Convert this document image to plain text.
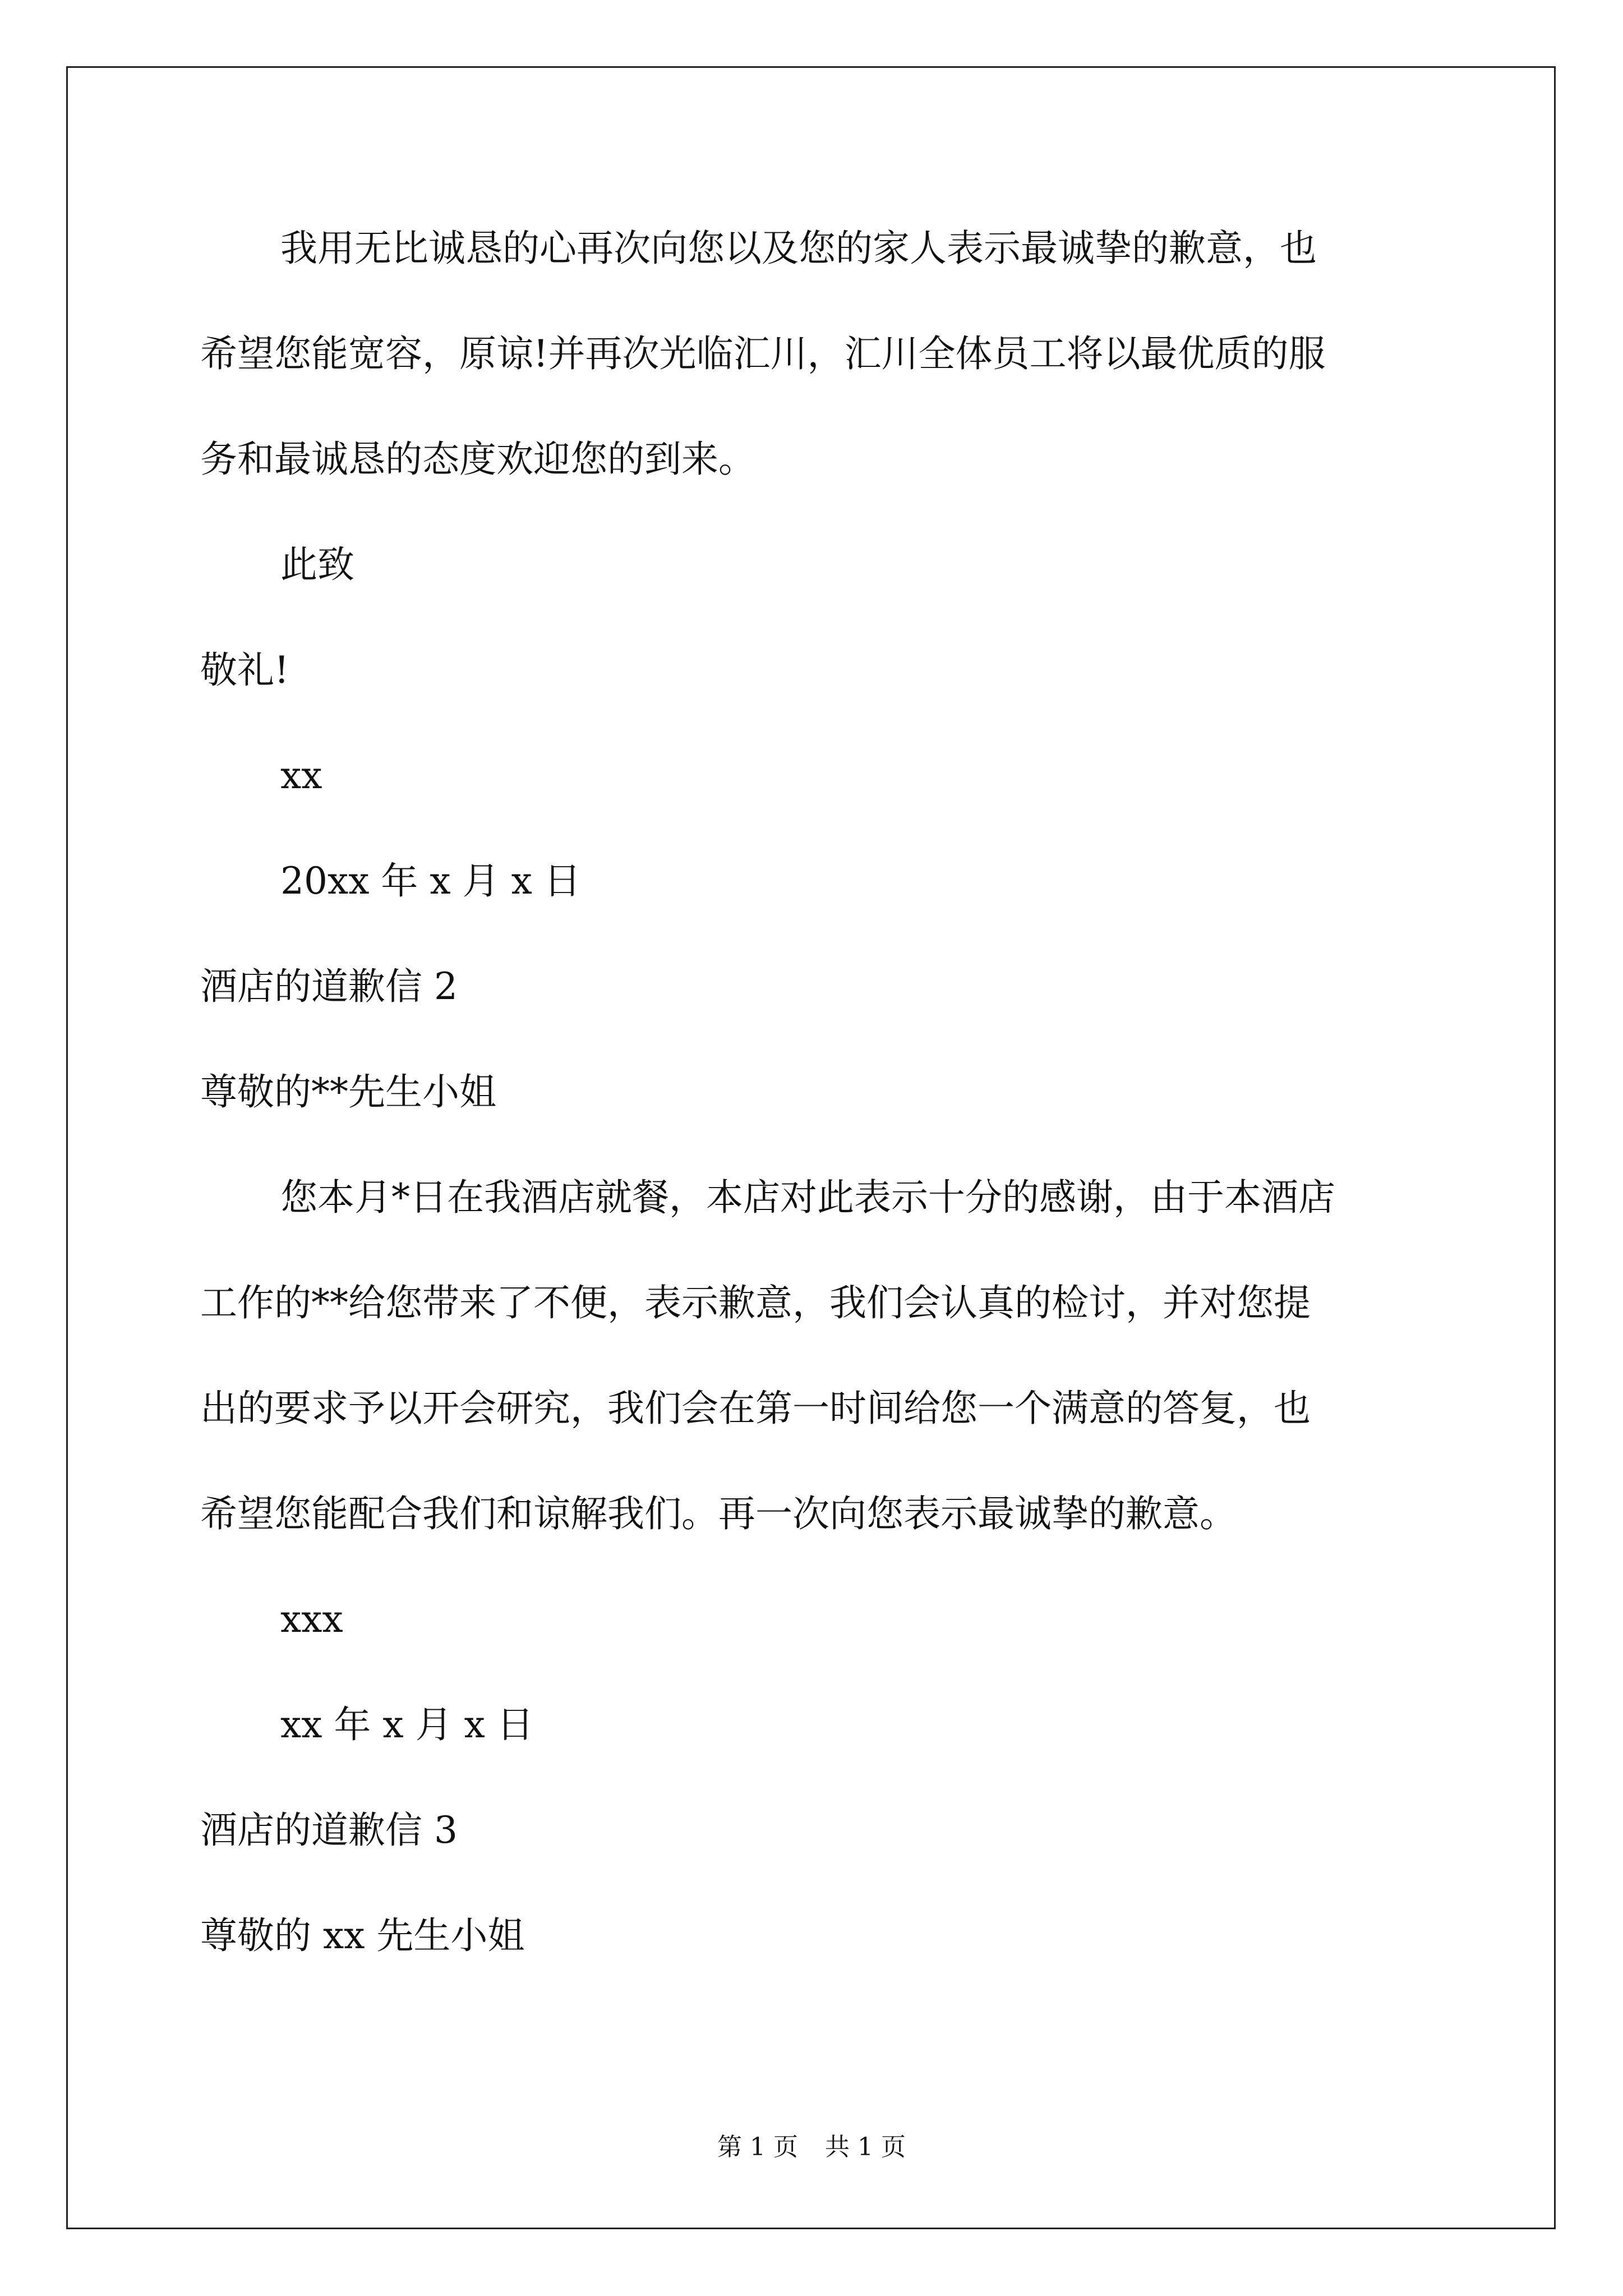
我用无比诚恳的心再次向您以及您的家人表示最诚挚的歉意，也

希望您能宽容，原谅!并再次光临汇川，汇川全体员工将以最优质的服

务和最诚恳的态度欢迎您的到来。

此致

敬礼!

xx

20xx 年 x 月 x 日

酒店的道歉信 2

尊敬的**先生小姐

您本月*日在我酒店就餐，本店对此表示十分的感谢，由于本酒店

工作的**给您带来了不便，表示歉意，我们会认真的检讨，并对您提

出的要求予以开会研究，我们会在第一时间给您一个满意的答复，也

希望您能配合我们和谅解我们。再一次向您表示最诚挚的歉意。

xxx

xx 年 x 月 x 日

酒店的道歉信 3

尊敬的 xx 先生小姐

第 1 页 共 1 页
